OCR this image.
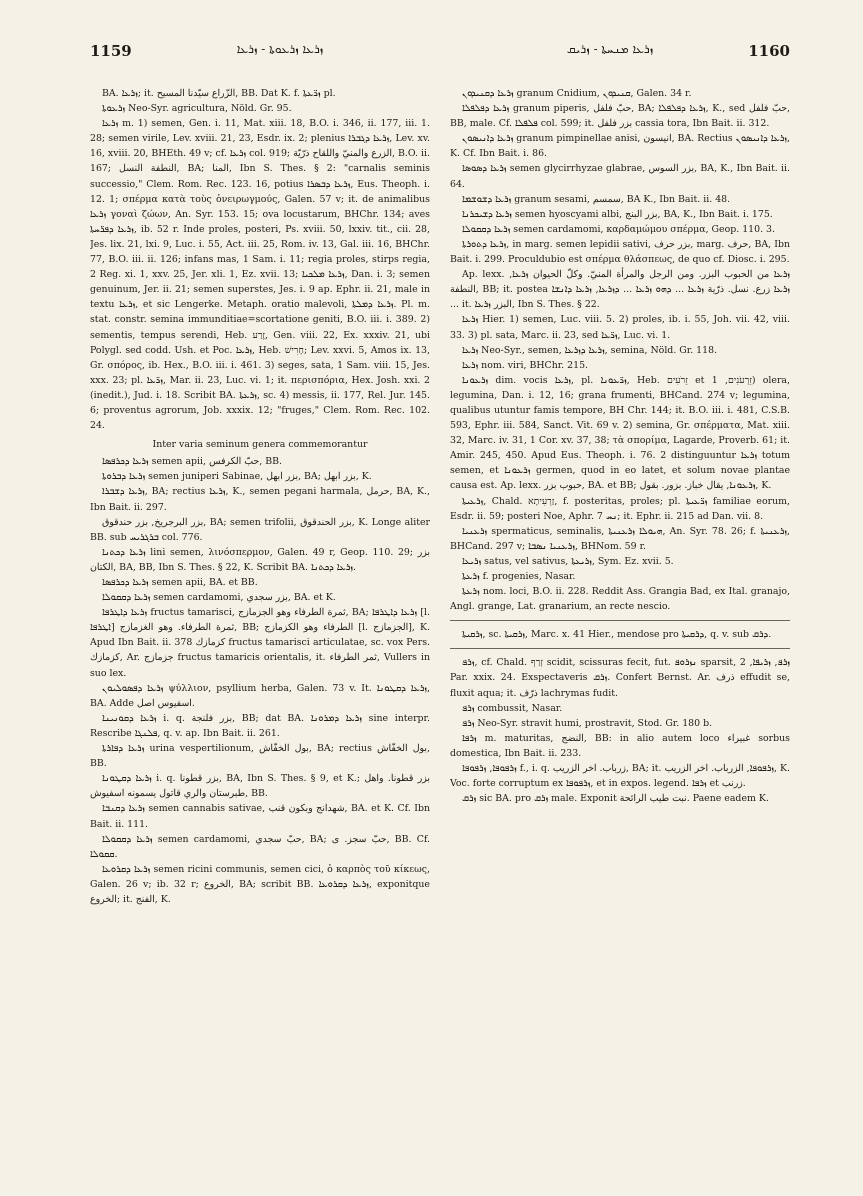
1159	ܙܪܥܐ ܙܪܥܘܬܐ - ܙܪܥܐ	ܙܪܥܐ ܡܢܚܬܐ - ܙܪܝܩ	1160

BA. ܙܪܥܐ; it. الزّراع سيّدنا المسيح, BB. Dat K. f. ܙܪ̈ܥܬܐ pl.

ܙܪܥܘܬܐ Neo-Syr. agricultura, Nöld. Gr. 95.

ܙܪܥܐ m. 1) semen, Gen. i. 11, Mat. xiii. 18, B.O. i. 346, ii. 177, iii. 1. 28; semen virile, Lev. xviii. 21, 23, Esdr. ix. 2; plenius ܙܪܥܐ ܕܓܒܪܐ, Lev. xv. 16, xviii. 20, BHEth. 49 v; cf. ܙܪܥܐ col. 919; الزرع والمنيّ واللقاح ذرّيّة, B.O. ii. 167; النطفة النسل, BA; المنا, Ibn S. Thes. § 2: "carnalis seminis successio," Clem. Rom. Rec. 123. 16, potius ܙܪܥܐ ܕܒܣܪܐ, Eus. Theoph. i. 12. 1; σπέρμα κατὰ τοὺς ὀνειρωγμούς, Galen. 57 v; it. de animalibus ܙܪܥܐ γοναὶ ζώων, An. Syr. 153. 15; ova locustarum, BHChr. 134; aves ܙܪܥܐ ܕܦܪ̈ܚܬܐ, ib. 52 r. Inde proles, posteri, Ps. xviii. 50, lxxiv. tit., cii. 28, Jes. lix. 21, lxi. 9, Luc. i. 55, Act. iii. 25, Rom. iv. 13, Gal. iii. 16, BHChr. 77, B.O. iii. ii. 126; infans mas, 1 Sam. i. 11; regia proles, stirps regia, 2 Reg. xi. 1, xxv. 25, Jer. xli. 1, Ez. xvii. 13; ܙܪܥܐ ܡܠܟܝܐ, Dan. i. 3; semen genuinum, Jer. ii. 21; semen superstes, Jes. i. 9 ap. Ephr. ii. 21, male in textu ܙܪܥܐ, et sic Lengerke. Metaph. oratio malevoli, ܙܪܥܐ ܕܡܠܬܐ. Pl. m. stat. constr. semina immunditiae=scortatione geniti, B.O. iii. i. 389. 2) sementis, tempus serendi, Heb. זֶרַע, Gen. viii. 22, Ex. xxxiv. 21, ubi Polygl. sed codd. Ush. et Poc. ܙܪܥܐ, Heb. חָרִישׁ; Lev. xxvi. 5, Amos ix. 13, Gr. σπόρος, ib. Hex., B.O. iii. i. 461. 3) seges, sata, 1 Sam. viii. 15, Jes. xxx. 23; pl. ܙܪ̈ܥܐ, Mar. ii. 23, Luc. vi. 1; it. περισπόρια, Hex. Josh. xxi. 2 (inedit.), Jud. i. 18. Scribit BA. ܙܪܥܬܐ, sc. 4) messis, ii. 177, Rel. Jur. 145. 6; proventus agrorum, Job. xxxix. 12; "fruges," Clem. Rom. Rec. 102. 24.

Inter varia seminum genera commemorantur

ܙܪܥܐ ܕܟܪܦܣܐ semen apii, حبّ الكرفس, BB.

ܙܪܥܐ ܕܒܪܘܬܐ semen juniperi Sabinae, بزر ابهل, BA; بزر ابهل, K.

ܙܪܥܐ ܕܫܒܪܐ, BA; rectius ܙܪܥܐ, K., semen pegani harmala, حرمل, BA, K., Ibn Bait. ii. 297.

بزر البرجريخ, بزر حندقوق, BA; semen trifolii, بزر الحندقوق, K. Longe aliter BB. sub ܒܪܓܪܝܚ col. 776.

ܙܪܥܐ ܕܟܬܢܐ lini semen, λινόσπερμον, Galen. 49 r, Geop. 110. 29; بزر الكتان, BA, BB, Ibn S. Thes. § 22, K. Scribit BA. ܙܪܥܐ ܕܟܬܢܐ.

ܙܪܥܐ ܕܟܪܦܣܐ semen apii, BA. et BB.

ܙܪܥܐ ܕܩܩܘܠܐ semen cardamomi, بزر سجدي, BA. et K.

ܙܪܥܐ ܕܐܛܪܦܐ fructus tamarisci, ثمرة الطرفاء وهو الجزمازج, BA; ܙܪܥܐ ܕܐܛܪܦܐ [l. ܐܛܪܦܐ] ثمرة الطرفاء. وهو الغزمازج, BB; الطرفاء وهو الكزمازج [l. الجزمازج], K. Apud Ibn Bait. ii. 378 كزمازك fructus tamarisci articulatae, sc. vox Pers. كزمازك, Ar. جزمازج fructus tamaricis orientalis, it. ثمر الطرفاء, Vullers in suo lex.

ܙܪܥܐ ܕܦܣܘܠܝܘܢ ψύλλιον, psyllium herba, Galen. 73 v. It. ܙܪܥܐ ܕܩܛܘܢܐ, BA. Adde اسفيوس اصل.

ܙܪܥܐ ܕܩܘܢܝܢܐ i. q. بزر فلنجة, BB; dat BA. ܙܪܥܐ ܕܡܪܘܢܐ sine interpr. Rescribe ܦܠܢܓܐ, q. v. ap. Ibn Bait. ii. 261.

ܙܪܥܐ ܕܦܐܪܬܐ urina vespertilionum, بول الخفّاش, BA; rectius بول الخفّاش, BB.

ܙܪܥܐ ܕܩܛܘܢܐ i. q. بزر قطونا, BA, Ibn S. Thes. § 9, et K.; بزر قطونا. واهل طبرستان والري قاتول يسمونه اسفيوش, BB.

ܙܪܥܐ ܕܩܢܒܐ semen cannabis sativae, شهدانج وبكون قنب, BA. et K. Cf. Ibn Bait. ii. 111.

ܙܪܥܐ ܕܩܩܘܠܐ semen cardamomi, حبّ سجدي, BA; حبّ سجز. ى, BB. Cf. ܩܩܘܠܐ.

ܙܪܥܐ ܕܩܪܘܥܐ semen ricini communis, semen cici, ὁ καρπὸς τοῦ κίκεως, Galen. 26 v; ib. 32 r; الخروع, BA; scribit BB. ܙܪܥܐ ܕܩܪܘܥܐ, exponitque الخروع; it. الفنج, K.

ܙܪܥܐ ܕܩܢܝܕܘܢ granum Cnidium, ܩܢܝܕܘܢ, Galen. 34 r.

ܙܪܥܐ ܕܦܠܦܠܐ granum piperis, حبّ فلفل, BA; ܙܪܥܐ ܕܦܠܦܠܐ, K., sed حبّ فلفل, BB, male. Cf. ܦܠܦܠܐ col. 599; it. بزر فلفل cassia tora, Ibn Bait. ii. 312.

ܙܪܥܐ ܕܐܢܝܣܘܢ granum pimpinellae anisi, انيسون, BA. Rectius ܙܪܥܐ ܕܐܢܝܣܘܢ, K. Cf. Ibn Bait. i. 86.

ܙܪܥܐ ܕܣܘܣܐ semen glycirrhyzae glabrae, بزر السوس, BA, K., Ibn Bait. ii. 64.

ܙܪܥܐ ܕܫܘܫܡܐ granum sesami, سمسم, BA K., Ibn Bait. ii. 48.

ܙܪܥܐ ܕܫܝܟܪܢܐ semen hyoscyami albi, بزر البنج, BA, K., Ibn Bait. i. 175.

ܙܪܥܐ ܕܩܩܘܠܐ semen cardamomi, καρδαμώμου σπέρμα, Geop. 110. 3.

ܙܪܥܐ ܕܬܘܪܬܐ, in marg. semen lepidii sativi, بزر حرف, marg. حرف, BA, Ibn Bait. i. 299. Proculdubio est σπέρμα θλάσπεως, de quo cf. Diosc. i. 295.

Ap. lexx. ܙܪܥܐ من الحبوب البزر. ومن الرجل والمرأة المنيّ. وكلّ الحيوان ܙܪܥܐ, النطفة, BB; it. postea ܙܪܥܐ زرع. نسل. ذرّية ܙܪܥܐ ... ܕܗܘ ܙܪܥܐ ... ܕܙܪܥܐ, ܙܪܥܐ ܕܐܢܫܐ ... it. البزر ܙܪܥܐ, Ibn S. Thes. § 22.

ܙܪܥܐ Hier. 1) semen, Luc. viii. 5. 2) proles, ib. i. 55, Joh. vii. 42, viii. 33. 3) pl. sata, Marc. ii. 23, sed ܙܪ̈ܥܐ, Luc. vi. 1.

ܙܪܥܐ Neo-Syr., semen, ܙܪܥܐ ܕܙܪܥܐ, semina, Nöld. Gr. 118.

ܙܪܥܐ nom. viri, BHChr. 215.

ܙܪܥܘܢܐ dim. vocis ܙܪܥܐ, pl. ܙܪ̈ܥܘܢܐ, Heb. זֵרֹעִים et זֵרְעֹנִים, 1) olera, legumina, Dan. i. 12, 16; grana frumenti, BHCand. 274 v; legumina, qualibus utuntur famis tempore, BH Chr. 144; it. B.O. iii. i. 481, C.S.B. 593, Ephr. iii. 584, Sanct. Vit. 69 v. 2) semina, Gr. σπέρματα, Mat. xiii. 32, Marc. iv. 31, 1 Cor. xv. 37, 38; τὰ σπορίμα, Lagarde, Proverb. 61; it. Amir. 245, 450. Apud Eus. Theoph. i. 76. 2 distinguuntur ܙܪܥܐ totum semen, et ܙܪܥܘܢܐ germen, quod in eo latet, et solum novae plantae causa est. Ap. lexx. حبوب بزر, BA. et BB; ܙܪܥܘܢܐ, يقال خباز. بزور. بقول, K.

ܙܪܥܝܬܐ, Chald. זַרְעִיתָא, f. posteritas, proles; pl. ܙܪ̈ܥܝܬܐ familiae eorum, Esdr. ii. 59; posteri Noe, Aphr. ܢܚ 7; it. Ephr. ii. 215 ad Dan. vii. 8.

ܙܪܥܢܝܐ spermaticus, seminalis, ܗܝܘܠܐ ܙܪܥܢܝܬܐ, An. Syr. 78. 26; f. ܙܪܥܢܝܬܐ, BHCand. 297 v; ܙܪܥܢܝܐ ܢܣܒܐ, BHNom. 59 r.

ܙܪܝܥܐ satus, vel sativus, ܙܪܝܥܬܐ, Sym. Ez. xvii. 5.

ܙܪܥܬܐ f. progenies, Nasar.

ܙܪܥܬܐ nom. loci, B.O. ii. 228. Reddit Ass. Grangia Bad, ex Ital. granajo, Angl. grange, Lat. granarium, an recte nescio.

ܙܪܩܝܬܐ, sc. ܙܪܩܝܬܐ, Marc. x. 41 Hier., mendose pro ܕܪܩܝܬܐ, q. v. sub ܕܪܩ.

ܙܪܦ, cf. Chald. זְרַף scidit, scissuras fecit, fut. ܢܙܪܘܦ sparsit, ܙܪܦ, ܙܪܝܦܐ, 2 Par. xxix. 24. Exspectaveris ܙܪܩ. Confert Bernst. Ar. ذرف effudit se, fluxit aqua; it. ذرّف lachrymas fudit.

ܙܪܦ combussit, Nasar.

ܙܪܦ Neo-Syr. stravit humi, prostravit, Stod. Gr. 180 b.

ܙܪܦܐ m. maturitas, النضج, BB: in alio autem loco غبيراء sorbus domestica, Ibn Bait. ii. 233.

ܙܪܦܘܦܐ, ܙܪܦܘܦܐ f., i. q. زرباب. اخر الزريب, BA; it. ܙܪܦܘܦܐ, الزرباب. اخر الزريب, K. Voc. forte corruptum ex ܙܪܦܘܦܐ, et in expos. legend. ܙܪܦܐ et زرنب.

ܙܪܩ sic BA. pro ܙܪܩ male. Exponit نبت طيب الرائحة. Paene eadem K.
